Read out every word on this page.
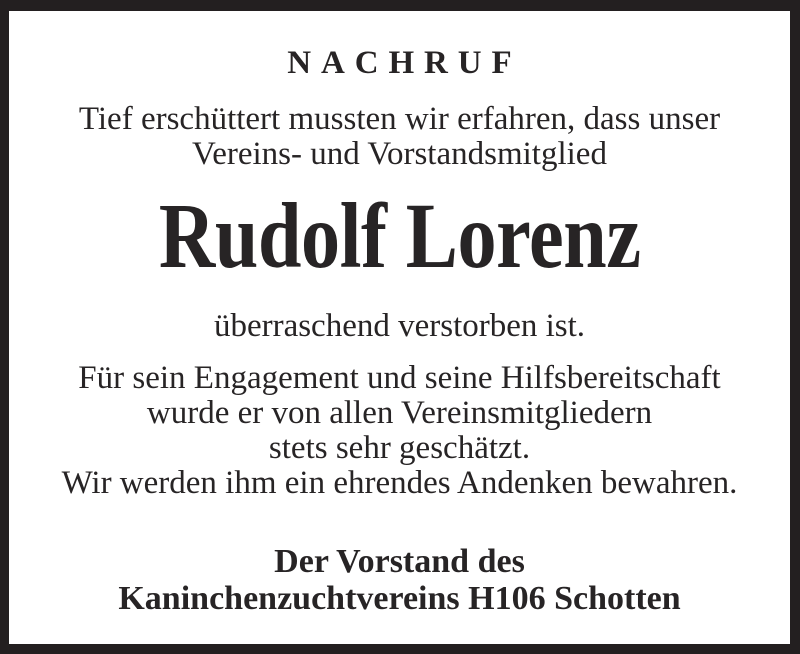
NACHRUF
Tief erschüttert mussten wir erfahren, dass unser
Vereins- und Vorstandsmitglied
Rudolf Lorenz
überraschend verstorben ist.
Für sein Engagement und seine Hilfsbereitschaft
wurde er von allen Vereinsmitgliedern
stets sehr geschätzt.
Wir werden ihm ein ehrendes Andenken bewahren.
Der Vorstand des
Kaninchenzuchtvereins H106 Schotten
